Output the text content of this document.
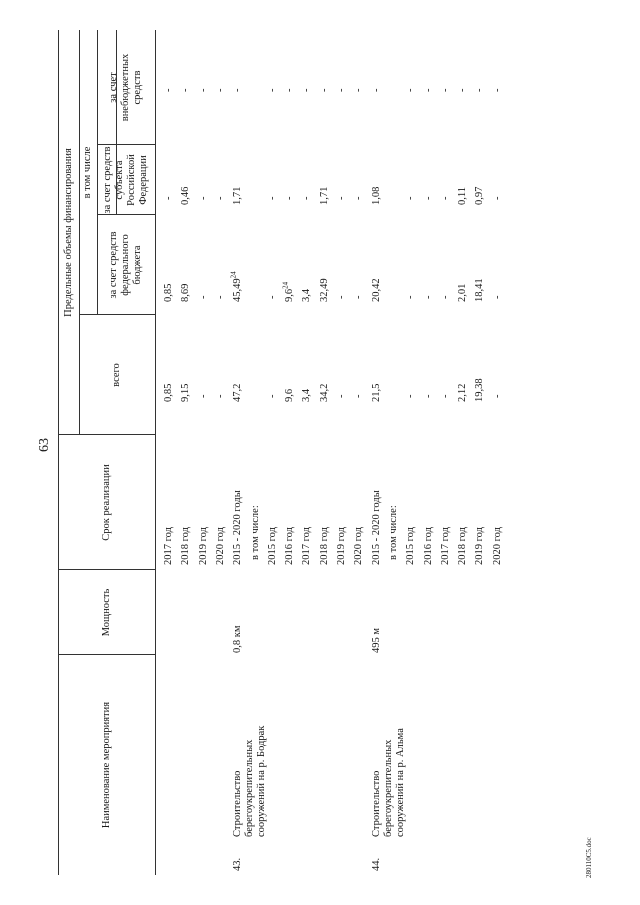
63
280110C5.doc
Наименование мероприятия
Мощность
Срок реализации
Предельные объемы финансирования
всего
в том числе
за счет средств
федерального
бюджета
за счет средств
субъекта
Российской
Федерации
за счет
внебюджетных
средств
2017 год
0,85
0,85
-
-
2018 год
9,15
8,69
0,46
-
2019 год
-
-
-
-
2020 год
-
-
-
-
43.
Строительство
берегоукрепительных
сооружений на р. Бодрак
0,8 км
2015 - 2020 годы
47,2
45,49$^{24}$
1,71
-
в том числе: 2015 год
-
-
-
-
2016 год
9,6
$9,6^{24}$
-
-
2017 год
3,4
3,4
-
-
2018 год
34,2
32,49
1,71
-
2019 год
-
-
-
-
2020 год
-
-
-
-
44.
Строительство
берегоукрепительных
сооружений на р. Альма
495 м
2015 - 2020 годы
21,5
20,42
1,08
-
в том числе: 2015 год
-
-
-
-
2016 год
-
-
-
-
2017 год
-
-
-
-
2018 год
2,12
2,01
0,11
-
2019 год
19,38
18,41
0,97
-
2020 год
-
-
-
-
